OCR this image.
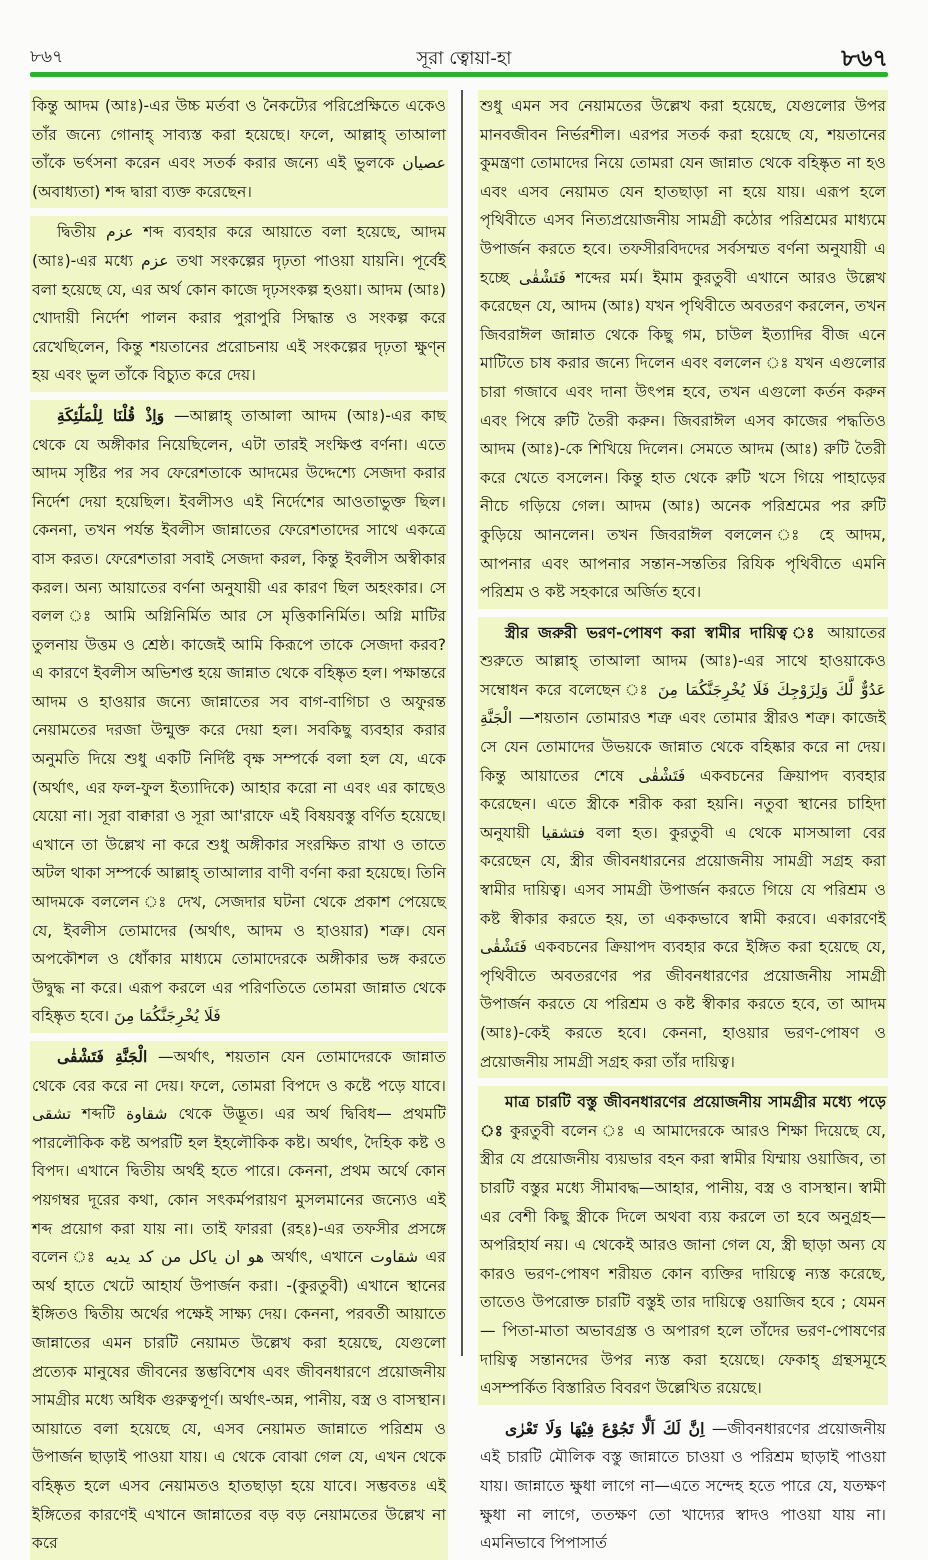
৮৬৭	সূরা ত্বোয়া-হা	৮৬৭

কিন্তু আদম (আঃ)-এর উচ্চ মর্তবা ও নৈকট্যের পরিপ্রেক্ষিতে একেও তাঁর জন্যে গোনাহ্ সাব্যস্ত করা হয়েছে। ফলে, আল্লাহ্ তাআলা তাঁকে ভর্ৎসনা করেন এবং সতর্ক করার জন্যে এই ভুলকে عصيان (অবাধ্যতা) শব্দ দ্বারা ব্যক্ত করেছেন।

দ্বিতীয় عزم শব্দ ব্যবহার করে আয়াতে বলা হয়েছে, আদম (আঃ)-এর মধ্যে عزم তথা সংকল্পের দৃঢ়তা পাওয়া যায়নি। পূর্বেই বলা হয়েছে যে, এর অর্থ কোন কাজে দৃঢ়সংকল্প হওয়া। আদম (আঃ) খোদায়ী নির্দেশ পালন করার পুরাপুরি সিদ্ধান্ত ও সংকল্প করে রেখেছিলেন, কিন্তু শয়তানের প্ররোচনায় এই সংকল্পের দৃঢ়তা ক্ষুণ্ন হয় এবং ভুল তাঁকে বিচ্যুত করে দেয়।

وَاِذْ قُلْنَا لِلْمَلٰٓئِكَةِ —আল্লাহ্ তাআলা আদম (আঃ)-এর কাছ থেকে যে অঙ্গীকার নিয়েছিলেন, এটা তারই সংক্ষিপ্ত বর্ণনা। এতে আদম সৃষ্টির পর সব ফেরেশতাকে আদমের উদ্দেশ্যে সেজদা করার নির্দেশ দেয়া হয়েছিল। ইবলীসও এই নির্দেশের আওতাভুক্ত ছিল। কেননা, তখন পর্যন্ত ইবলীস জান্নাতের ফেরেশতাদের সাথে একত্রে বাস করত। ফেরেশতারা সবাই সেজদা করল, কিন্তু ইবলীস অস্বীকার করল। অন্য আয়াতের বর্ণনা অনুযায়ী এর কারণ ছিল অহংকার। সে বলল ঃ আমি অগ্নিনির্মিত আর সে মৃত্তিকানির্মিত। অগ্নি মাটির তুলনায় উত্তম ও শ্রেষ্ঠ। কাজেই আমি কিরূপে তাকে সেজদা করব? এ কারণে ইবলীস অভিশপ্ত হয়ে জান্নাত থেকে বহিষ্কৃত হল। পক্ষান্তরে আদম ও হাওয়ার জন্যে জান্নাতের সব বাগ-বাগিচা ও অফুরন্ত নেয়ামতের দরজা উন্মুক্ত করে দেয়া হল। সবকিছু ব্যবহার করার অনুমতি দিয়ে শুধু একটি নির্দিষ্ট বৃক্ষ সম্পর্কে বলা হল যে, একে (অর্থাৎ, এর ফল-ফুল ইত্যাদিকে) আহার করো না এবং এর কাছেও যেয়ো না। সূরা বাক্বারা ও সূরা আ'রাফে এই বিষয়বস্তু বর্ণিত হয়েছে। এখানে তা উল্লেখ না করে শুধু অঙ্গীকার সংরক্ষিত রাখা ও তাতে অটল থাকা সম্পর্কে আল্লাহ্ তাআলার বাণী বর্ণনা করা হয়েছে। তিনি আদমকে বললেন ঃ দেখ, সেজদার ঘটনা থেকে প্রকাশ পেয়েছে যে, ইবলীস তোমাদের (অর্থাৎ, আদম ও হাওয়ার) শত্রু। যেন অপকৌশল ও ধোঁকার মাধ্যমে তোমাদেরকে অঙ্গীকার ভঙ্গ করতে উদ্বুদ্ধ না করে। এরূপ করলে এর পরিণতিতে তোমরা জান্নাত থেকে বহিষ্কৃত হবে। فَلَا يُخْرِجَنَّكُمَا مِنَ

الْجَنَّةِ فَتَشْقٰى —অর্থাৎ, শয়তান যেন তোমাদেরকে জান্নাত থেকে বের করে না দেয়। ফলে, তোমরা বিপদে ও কষ্টে পড়ে যাবে। تشقى শব্দটি شقاوة থেকে উদ্ভূত। এর অর্থ দ্বিবিধ— প্রথমটি পারলৌকিক কষ্ট অপরটি হল ইহলৌকিক কষ্ট। অর্থাৎ, দৈহিক কষ্ট ও বিপদ। এখানে দ্বিতীয় অর্থই হতে পারে। কেননা, প্রথম অর্থে কোন পয়গম্বর দূরের কথা, কোন সৎকর্মপরায়ণ মুসলমানের জন্যেও এই শব্দ প্রয়োগ করা যায় না। তাই ফাররা (রহঃ)-এর তফসীর প্রসঙ্গে বলেন ঃ هو ان ياكل من كد يديه অর্থাৎ, এখানে شقاوت এর অর্থ হাতে খেটে আহার্য উপার্জন করা। -(কুরতুবী) এখানে স্থানের ইঙ্গিতও দ্বিতীয় অর্থের পক্ষেই সাক্ষ্য দেয়। কেননা, পরবর্তী আয়াতে জান্নাতের এমন চারটি নেয়ামত উল্লেখ করা হয়েছে, যেগুলো প্রত্যেক মানুষের জীবনের স্তম্ভবিশেষ এবং জীবনধারণে প্রয়োজনীয় সামগ্রীর মধ্যে অধিক গুরুত্বপূর্ণ। অর্থাৎ-অন্ন, পানীয়, বস্ত্র ও বাসস্থান। আয়াতে বলা হয়েছে যে, এসব নেয়ামত জান্নাতে পরিশ্রম ও উপার্জন ছাড়াই পাওয়া যায়। এ থেকে বোঝা গেল যে, এখন থেকে বহিষ্কৃত হলে এসব নেয়ামতও হাতছাড়া হয়ে যাবে। সম্ভবতঃ এই ইঙ্গিতের কারণেই এখানে জান্নাতের বড় বড় নেয়ামতের উল্লেখ না করে

শুধু এমন সব নেয়ামতের উল্লেখ করা হয়েছে, যেগুলোর উপর মানবজীবন নির্ভরশীল। এরপর সতর্ক করা হয়েছে যে, শয়তানের কুমন্ত্রণা তোমাদের নিয়ে তোমরা যেন জান্নাত থেকে বহিষ্কৃত না হও এবং এসব নেয়ামত যেন হাতছাড়া না হয়ে যায়। এরূপ হলে পৃথিবীতে এসব নিত্যপ্রয়োজনীয় সামগ্রী কঠোর পরিশ্রমের মাধ্যমে উপার্জন করতে হবে। তফসীরবিদদের সর্বসম্মত বর্ণনা অনুযায়ী এ হচ্ছে فَتَشْقٰى শব্দের মর্ম। ইমাম কুরতুবী এখানে আরও উল্লেখ করেছেন যে, আদম (আঃ) যখন পৃথিবীতে অবতরণ করলেন, তখন জিবরাঈল জান্নাত থেকে কিছু গম, চাউল ইত্যাদির বীজ এনে মাটিতে চাষ করার জন্যে দিলেন এবং বললেন ঃ যখন এগুলোর চারা গজাবে এবং দানা উৎপন্ন হবে, তখন এগুলো কর্তন করুন এবং পিষে রুটি তৈরী করুন। জিবরাঈল এসব কাজের পদ্ধতিও আদম (আঃ)-কে শিখিয়ে দিলেন। সেমতে আদম (আঃ) রুটি তৈরী করে খেতে বসলেন। কিন্তু হাত থেকে রুটি খসে গিয়ে পাহাড়ের নীচে গড়িয়ে গেল। আদম (আঃ) অনেক পরিশ্রমের পর রুটি কুড়িয়ে আনলেন। তখন জিবরাঈল বললেন ঃ হে আদম, আপনার এবং আপনার সন্তান-সন্ততির রিযিক পৃথিবীতে এমনি পরিশ্রম ও কষ্ট সহকারে অর্জিত হবে।

স্ত্রীর জরুরী ভরণ-পোষণ করা স্বামীর দায়িত্ব ঃ আয়াতের শুরুতে আল্লাহ্ তাআলা আদম (আঃ)-এর সাথে হাওয়াকেও সম্বোধন করে বলেছেন ঃ عَدُوٌّ لَّكَ وَلِزَوْجِكَ فَلَا يُخْرِجَنَّكُمَا مِنَ الْجَنَّةِ —শয়তান তোমারও শত্রু এবং তোমার স্ত্রীরও শত্রু। কাজেই সে যেন তোমাদের উভয়কে জান্নাত থেকে বহিষ্কার করে না দেয়। কিন্তু আয়াতের শেষে فَتَشْقٰى একবচনের ক্রিয়াপদ ব্যবহার করেছেন। এতে স্ত্রীকে শরীক করা হয়নি। নতুবা স্থানের চাহিদা অনুযায়ী فتشقيا বলা হত। কুরতুবী এ থেকে মাসআলা বের করেছেন যে, স্ত্রীর জীবনধারনের প্রয়োজনীয় সামগ্রী সগ্রহ করা স্বামীর দায়িত্ব। এসব সামগ্রী উপার্জন করতে গিয়ে যে পরিশ্রম ও কষ্ট স্বীকার করতে হয়, তা এককভাবে স্বামী করবে। একারণেই فَتَشْقٰى একবচনের ক্রিয়াপদ ব্যবহার করে ইঙ্গিত করা হয়েছে যে, পৃথিবীতে অবতরণের পর জীবনধারণের প্রয়োজনীয় সামগ্রী উপার্জন করতে যে পরিশ্রম ও কষ্ট স্বীকার করতে হবে, তা আদম (আঃ)-কেই করতে হবে। কেননা, হাওয়ার ভরণ-পোষণ ও প্রয়োজনীয় সামগ্রী সগ্রহ করা তাঁর দায়িত্ব।

মাত্র চারটি বস্তু জীবনধারণের প্রয়োজনীয় সামগ্রীর মধ্যে পড়ে ঃ কুরতুবী বলেন ঃ এ আমাদেরকে আরও শিক্ষা দিয়েছে যে, স্ত্রীর যে প্রয়োজনীয় ব্যয়ভার বহন করা স্বামীর যিম্মায় ওয়াজিব, তা চারটি বস্তুর মধ্যে সীমাবদ্ধ—আহার, পানীয়, বস্ত্র ও বাসস্থান। স্বামী এর বেশী কিছু স্ত্রীকে দিলে অথবা ব্যয় করলে তা হবে অনুগ্রহ—অপরিহার্য নয়। এ থেকেই আরও জানা গেল যে, স্ত্রী ছাড়া অন্য যে কারও ভরণ-পোষণ শরীয়ত কোন ব্যক্তির দায়িত্বে ন্যস্ত করেছে, তাতেও উপরোক্ত চারটি বস্তুই তার দায়িত্বে ওয়াজিব হবে ; যেমন— পিতা-মাতা অভাবগ্রস্ত ও অপারগ হলে তাঁদের ভরণ-পোষণের দায়িত্ব সন্তানদের উপর ন্যস্ত করা হয়েছে। ফেকাহ্ গ্রন্থসমূহে এসম্পর্কিত বিস্তারিত বিবরণ উল্লেখিত রয়েছে।

اِنَّ لَكَ اَلَّا تَجُوْعَ فِيْهَا وَلَا تَعْرٰى —জীবনধারণের প্রয়োজনীয় এই চারটি মৌলিক বস্তু জান্নাতে চাওয়া ও পরিশ্রম ছাড়াই পাওয়া যায়। জান্নাতে ক্ষুধা লাগে না—এতে সন্দেহ হতে পারে যে, যতক্ষণ ক্ষুধা না লাগে, ততক্ষণ তো খাদ্যের স্বাদও পাওয়া যায় না। এমনিভাবে পিপাসার্ত
